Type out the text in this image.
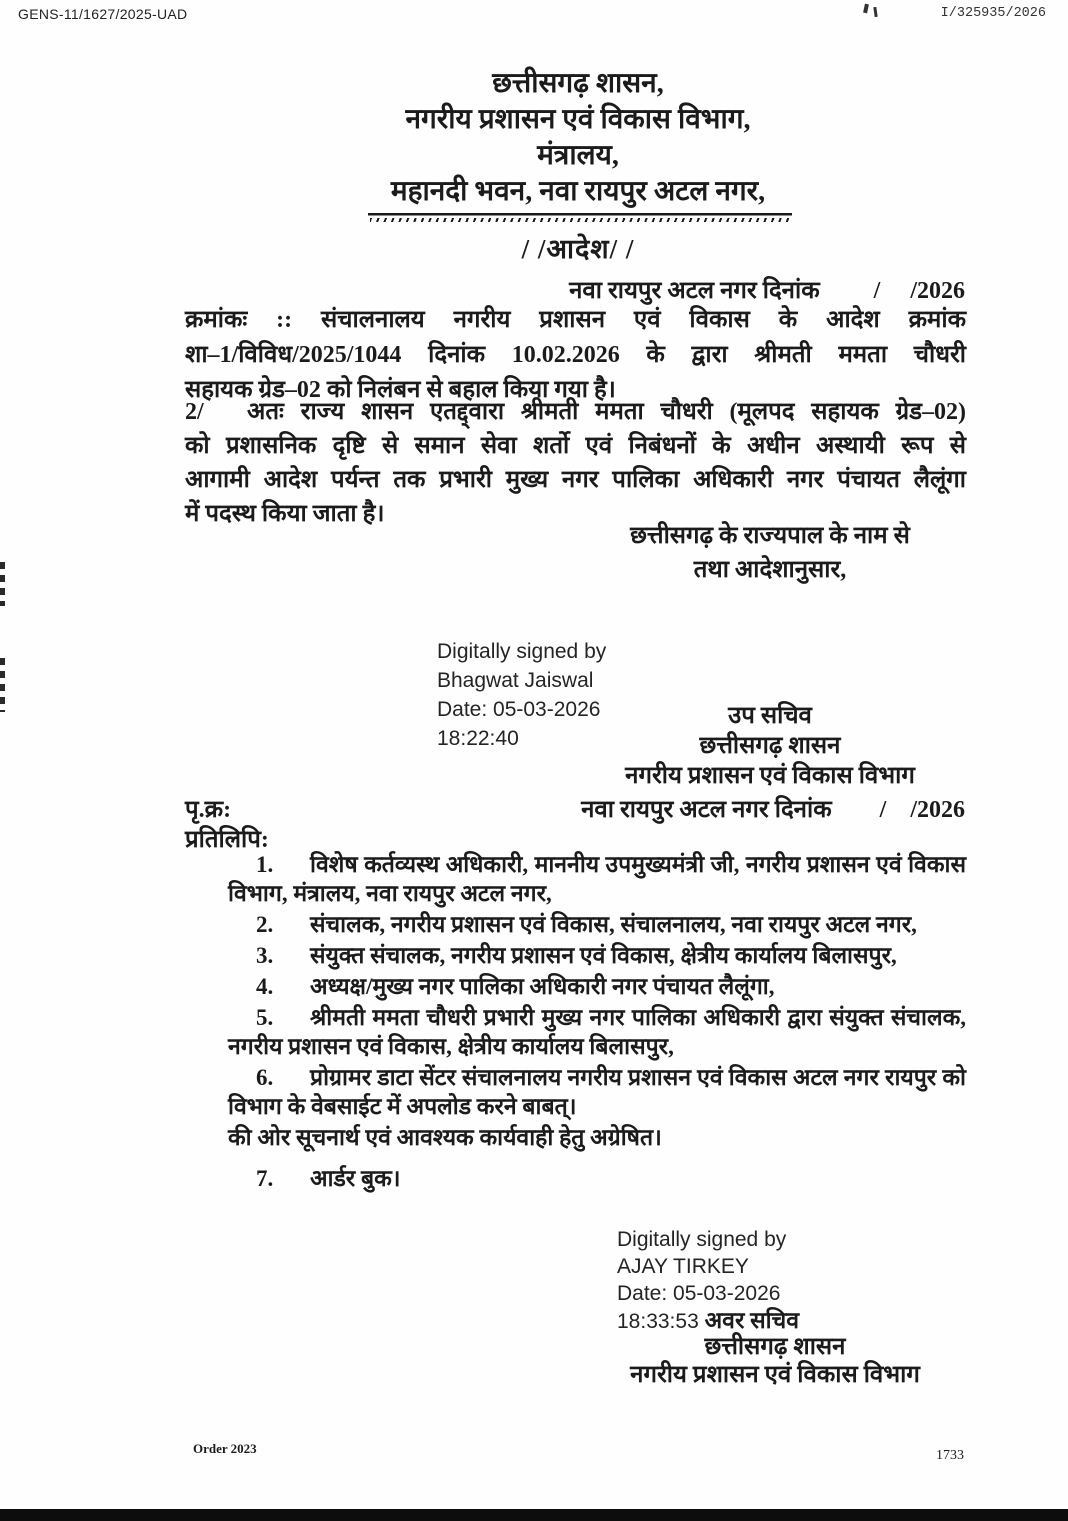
GENS-11/1627/2025-UAD	I/325935/2026
छत्तीसगढ़ शासन,
नगरीय प्रशासन एवं विकास विभाग,
मंत्रालय,
महानदी भवन, नवा रायपुर अटल नगर,
/ /आदेश/ /
नवा रायपुर अटल नगर दिनांक         /     /2026
क्रमांकः :: संचालनालय नगरीय प्रशासन एवं विकास के आदेश क्रमांक
शा–1/विविध/2025/1044 दिनांक 10.02.2026 के द्वारा श्रीमती ममता चौधरी
सहायक ग्रेड–02 को निलंबन से बहाल किया गया है।
2/ अतः राज्य शासन एतद्द्वारा श्रीमती ममता चौधरी (मूलपद सहायक ग्रेड–02)
को प्रशासनिक दृष्टि से समान सेवा शर्तो एवं निबंधनों के अधीन अस्थायी रूप से
आगामी आदेश पर्यन्त तक प्रभारी मुख्य नगर पालिका अधिकारी नगर पंचायत लैलूंगा
में पदस्थ किया जाता है।
छत्तीसगढ़ के राज्यपाल के नाम से
तथा आदेशानुसार,
Digitally signed by
Bhagwat Jaiswal
Date: 05-03-2026
18:22:40
उप सचिव
छत्तीसगढ़ शासन
नगरीय प्रशासन एवं विकास विभाग
पृ.क्र:	नवा रायपुर अटल नगर दिनांक        /    /2026
प्रतिलिपि:
1. विशेष कर्तव्यस्थ अधिकारी, माननीय उपमुख्यमंत्री जी, नगरीय प्रशासन एवं विकास विभाग, मंत्रालय, नवा रायपुर अटल नगर,
2. संचालक, नगरीय प्रशासन एवं विकास, संचालनालय, नवा रायपुर अटल नगर,
3. संयुक्त संचालक, नगरीय प्रशासन एवं विकास, क्षेत्रीय कार्यालय बिलासपुर,
4. अध्यक्ष/मुख्य नगर पालिका अधिकारी नगर पंचायत लैलूंगा,
5. श्रीमती ममता चौधरी प्रभारी मुख्य नगर पालिका अधिकारी द्वारा संयुक्त संचालक, नगरीय प्रशासन एवं विकास, क्षेत्रीय कार्यालय बिलासपुर,
6. प्रोग्रामर डाटा सेंटर संचालनालय नगरीय प्रशासन एवं विकास अटल नगर रायपुर को विभाग के वेबसाईट में अपलोड करने बाबत्।
की ओर सूचनार्थ एवं आवश्यक कार्यवाही हेतु अग्रेषित।
7. आर्डर बुक।
Digitally signed by
AJAY TIRKEY
Date: 05-03-2026
18:33:53 अवर सचिव
छत्तीसगढ़ शासन
नगरीय प्रशासन एवं विकास विभाग
Order 2023	1733
